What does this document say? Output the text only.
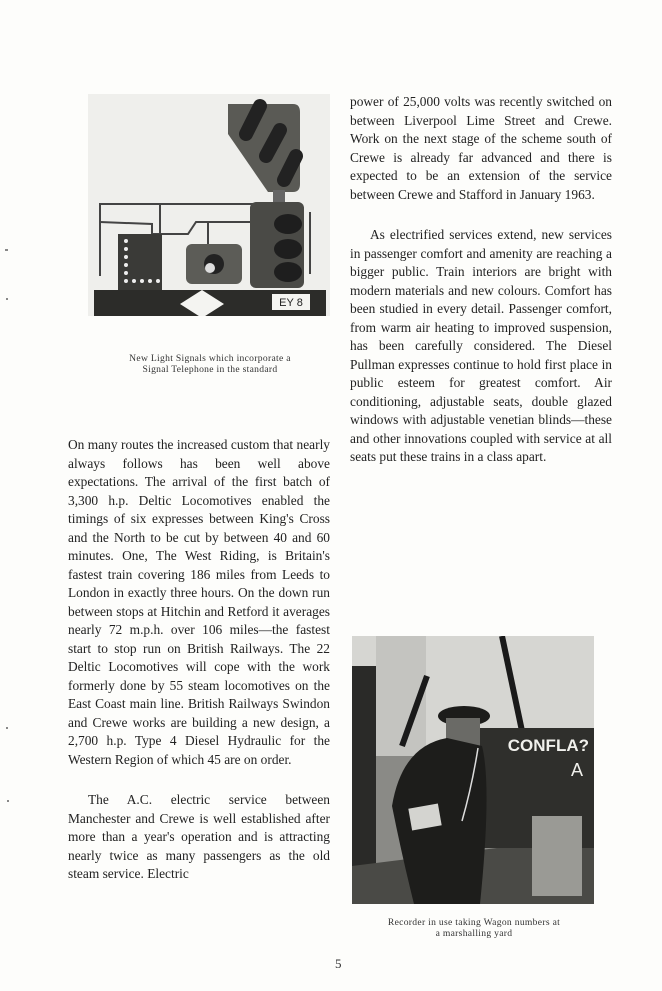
EY 8
New Light Signals which incorporate a
Signal Telephone in the standard

On many routes the increased custom that nearly always follows has been well above expectations. The arrival of the first batch of 3,300 h.p. Deltic Locomotives enabled the timings of six expresses between King's Cross and the North to be cut by between 40 and 60 minutes. One, The West Riding, is Britain's fastest train covering 186 miles from Leeds to London in exactly three hours. On the down run between stops at Hitchin and Retford it averages nearly 72 m.p.h. over 106 miles—the fastest start to stop run on British Railways. The 22 Deltic Locomotives will cope with the work formerly done by 55 steam locomotives on the East Coast main line. British Railways Swindon and Crewe works are building a new design, a 2,700 h.p. Type 4 Diesel Hydraulic for the Western Region of which 45 are on order.

The A.C. electric service between Manchester and Crewe is well established after more than a year's operation and is attracting nearly twice as many passengers as the old steam service. Electric

power of 25,000 volts was recently switched on between Liverpool Lime Street and Crewe. Work on the next stage of the scheme south of Crewe is already far advanced and there is expected to be an extension of the service between Crewe and Stafford in January 1963.

As electrified services extend, new services in passenger comfort and amenity are reaching a bigger public. Train interiors are bright with modern materials and new colours. Comfort has been studied in every detail. Passenger comfort, from warm air heating to improved suspension, has been carefully considered. The Diesel Pullman expresses continue to hold first place in public esteem for greatest comfort. Air conditioning, adjustable seats, double glazed windows with adjustable venetian blinds—these and other innovations coupled with service at all seats put these trains in a class apart.

CONFLA?
A
Recorder in use taking Wagon numbers at
a marshalling yard
5
